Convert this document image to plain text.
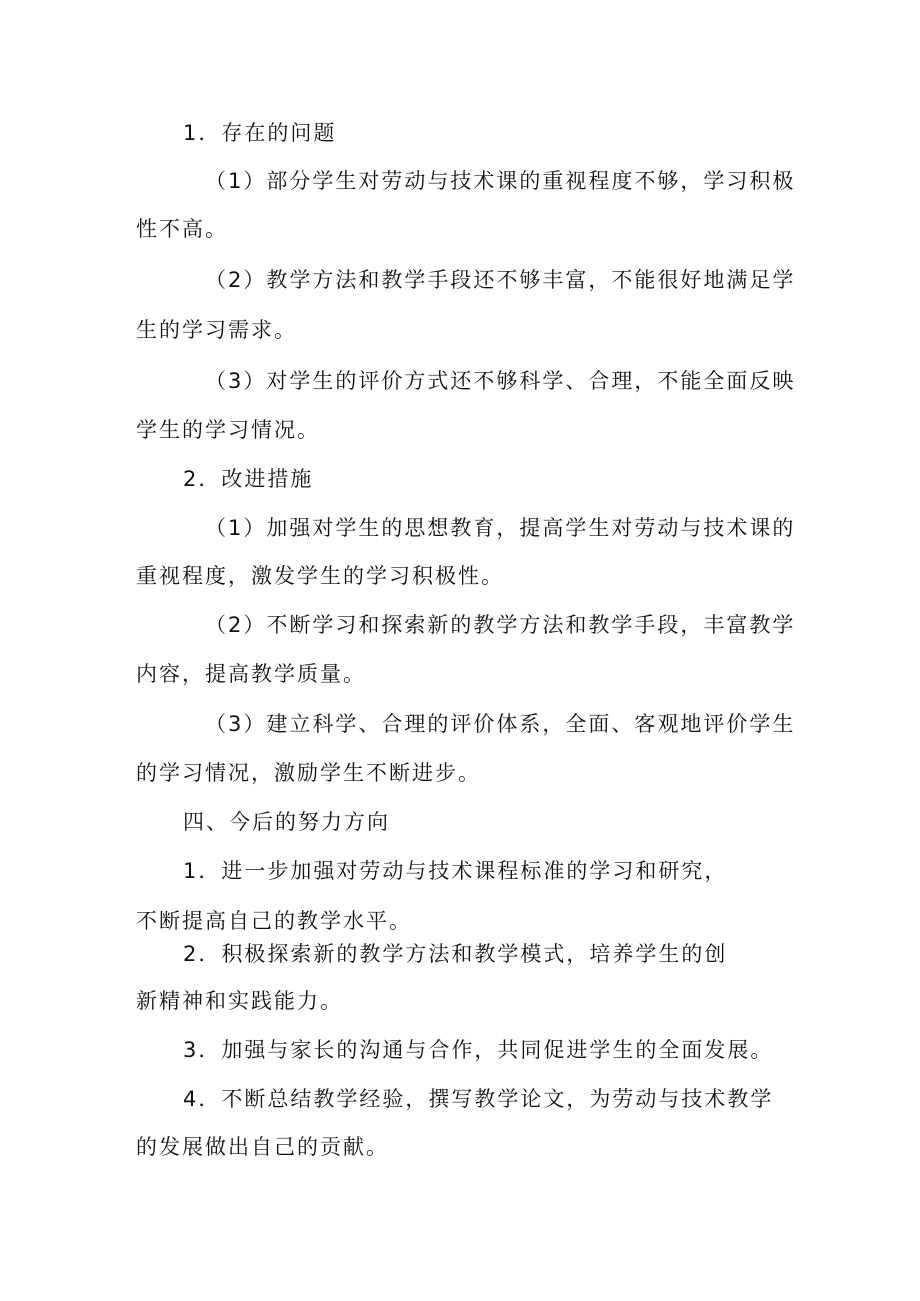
1．存在的问题
（1）部分学生对劳动与技术课的重视程度不够，学习积极
性不高。
（2）教学方法和教学手段还不够丰富，不能很好地满足学
生的学习需求。
（3）对学生的评价方式还不够科学、合理，不能全面反映
学生的学习情况。
2．改进措施
（1）加强对学生的思想教育，提高学生对劳动与技术课的
重视程度，激发学生的学习积极性。
（2）不断学习和探索新的教学方法和教学手段，丰富教学
内容，提高教学质量。
（3）建立科学、合理的评价体系，全面、客观地评价学生
的学习情况，激励学生不断进步。
四、今后的努力方向
1．进一步加强对劳动与技术课程标准的学习和研究，
不断提高自己的教学水平。
2．积极探索新的教学方法和教学模式，培养学生的创
新精神和实践能力。
3．加强与家长的沟通与合作，共同促进学生的全面发展。
4．不断总结教学经验，撰写教学论文，为劳动与技术教学
的发展做出自己的贡献。
